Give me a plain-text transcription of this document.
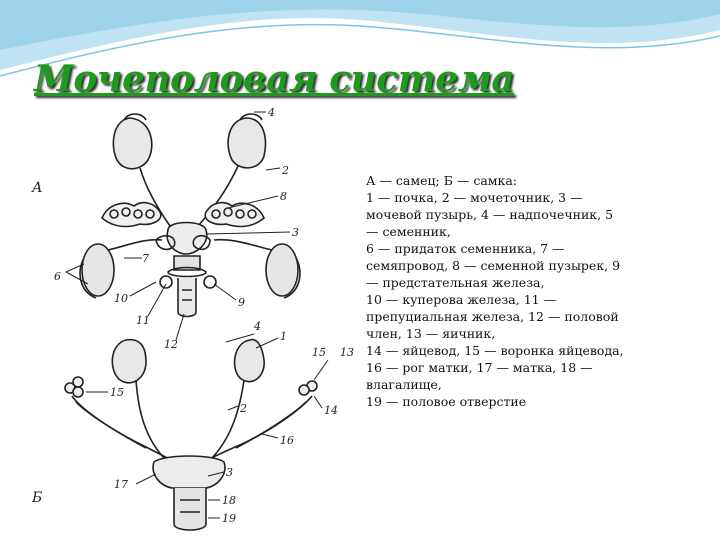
Мочеполовая система
А — самец; Б — самка:
1 — почка, 2 — мочеточник, 3 —
мочевой пузырь, 4 — надпочечник, 5
— семенник,
6 — придаток семенника, 7 —
семяпровод, 8 — семенной пузырек, 9
— предстательная железа,
10 — куперова железа, 11 —
препуциальная железа, 12 — половой
член, 13 — яичник,
14 — яйцевод, 15 — воронка яйцевода,
16 — рог матки, 17 — матка, 18 —
влагалище,
19 — половое отверстие
А
Б
4
2
8
3
6
7
10	9
11
12
4
1
15
13
15
14
2
16
17
3
18
19
